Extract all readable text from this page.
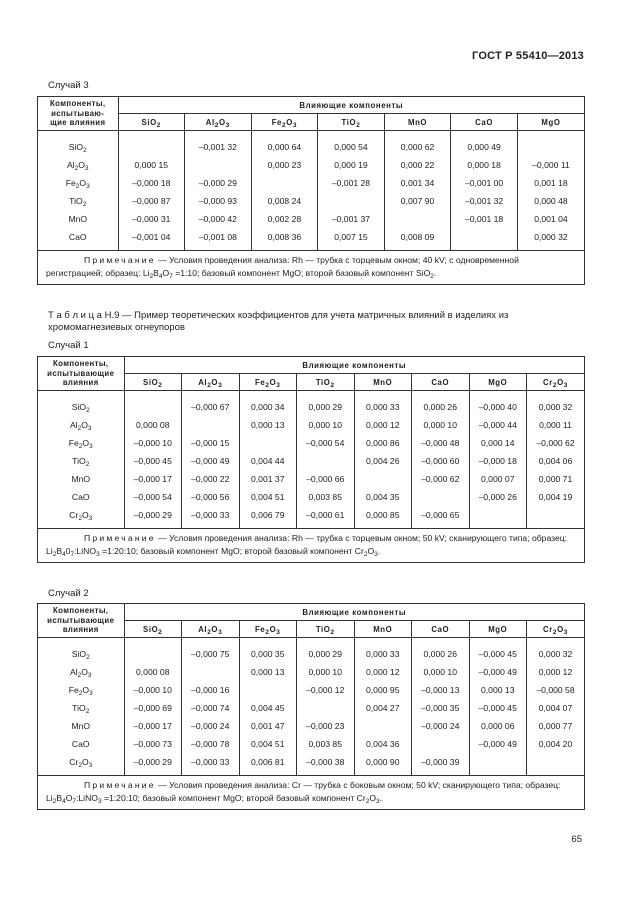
ГОСТ Р 55410—2013
Случай 3
Компоненты,
испытываю-
щие влияния	Влияющие компоненты						
	SiO$_2$	$Al_2O_3$	$Fe_2O_3$	TiO$_2$	MnO	CaO	MgO

SiO$_2$		–0,001 32	0,000 64	0,000 54	0,000 62	0,000 49	
$Al_2O_3$	0,000 15		0,000 23	0,000 19	0,000 22	0,000 18	–0,000 11
$Fe_2O_3$	–0,000 18	–0,000 29		–0,001 28	0,001 34	–0,001 00	0,001 18
TiO$_2$	–0,000 87	–0,000 93	0,008 24		0,007 90	–0,001 32	0,000 48
MnO	–0,000 31	–0,000 42	0,002 28	–0,001 37		–0,001 18	0,001 04
CaO	–0,001 04	–0,001 08	0,008 36	0,007 15	0,008 09		0,000 32
Примечание — Условия проведения анализа: Rh — трубка с торцевым окном; 40 kV; с одновременной регистрацией; образец: $Li_2B_4O_7$ =1:10; базовый компонент MgO; второй базовый компонент SiO$_2$.
Т а б л и ц а Н.9 — Пример теоретических коэффициентов для учета матричных влияний в изделиях из хромомагнезиевых огнеупоров
Случай 1
Компоненты,
испытывающие
влияния	Влияющие компоненты							
	SiO$_2$	$Al_2O_3$	$Fe_2O_3$	TiO$_2$	MnO	CaO	MgO	$Cr_2O_3$

SiO$_2$		–0,000 67	0,000 34	0,000 29	0,000 33	0,000 26	–0,000 40	0,000 32
$Al_2O_3$	0,000 08		0,000 13	0,000 10	0,000 12	0,000 10	–0,000 44	0,000 11
$Fe_2O_3$	–0,000 10	–0,000 15		–0,000 54	0,000 86	–0,000 48	0,000 14	–0,000 62
TiO$_2$	–0,000 45	–0,000 49	0,004 44		0,004 26	–0,000 60	–0,000 18	0,004 06
MnO	–0,000 17	–0,000 22	0,001 37	–0,000 66		–0,000 62	0,000 07	0,000 71
CaO	–0,000 54	–0,000 56	0,004 51	0,003 85	0,004 35		–0,000 26	0,004 19
$Cr_2O_3$	–0,000 29	–0,000 33	0,006 79	–0,000 61	0,000 85	–0,000 65		
Примечание — Условия проведения анализа: Rh — трубка с торцевым окном; 50 kV; сканирующего типа; образец: $Li_2B_40_7:LiNO_3$ =1:20:10; базовый компонент MgO; второй базовый компонент $Cr_2O_3$.
Случай 2
Компоненты,
испытывающие
влияния	Влияющие компоненты							
	SiO$_2$	$Al_2O_3$	$Fe_2O_3$	TiO$_2$	MnO	CaO	MgO	$Cr_2O_3$

SiO$_2$		–0,000 75	0,000 35	0,000 29	0,000 33	0,000 26	–0,000 45	0,000 32
$Al_2O_3$	0,000 08		0,000 13	0,000 10	0,000 12	0,000 10	–0,000 49	0,000 12
$Fe_2O_3$	–0,000 10	–0,000 16		–0,000 12	0,000 95	–0,000 13	0,000 13	–0,000 58
TiO$_2$	–0,000 69	–0,000 74	0,004 45		0,004 27	–0,000 35	–0,000 45	0,004 07
MnO	–0,000 17	–0,000 24	0,001 47	–0,000 23		–0,000 24	0,000 06	0,000 77
CaO	–0,000 73	–0,000 78	0,004 51	0,003 85	0,004 36		–0,000 49	0,004 20
$Cr_2O_3$	–0,000 29	–0,000 33	0,006 81	–0,000 38	0,000 90	–0,000 39		
Примечание — Условия проведения анализа: Cr — трубка с боковым окном; 50 kV; сканирующего типа; образец: $Li_2B_4O_7:LiNO_3$ =1:20:10; базовый компонент MgO; второй базовый компонент $Cr_2O_3$.
65
